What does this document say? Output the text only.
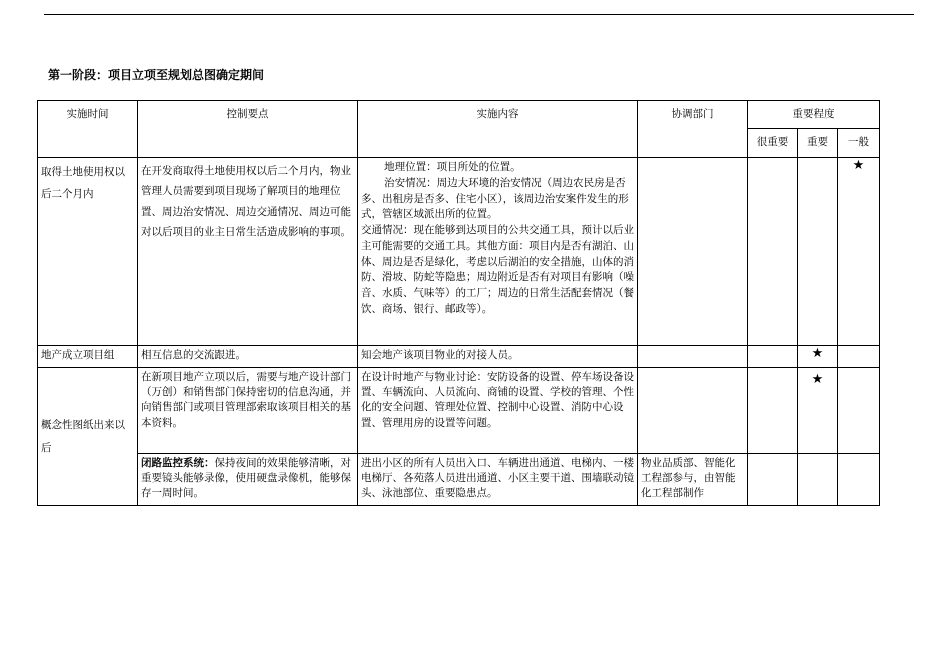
第一阶段：项目立项至规划总图确定期间
实施时间	控制要点	实施内容	协调部门	重要程度		
				很重要	重要	一般
取得土地使用权以后二个月内	在开发商取得土地使用权以后二个月内，物业管理人员需要到项目现场了解项目的地理位置、周边治安情况、周边交通情况、周边可能对以后项目的业主日常生活造成影响的事项。	地理位置：项目所处的位置。

治安情况：周边大环境的治安情况（周边农民房是否多、出租房是否多、住宅小区），该周边治安案件发生的形式，管辖区域派出所的位置。

交通情况：现在能够到达项目的公共交通工具，预计以后业主可能需要的交通工具。其他方面：项目内是否有湖泊、山体、周边是否是绿化，考虑以后湖泊的安全措施，山体的消防、滑坡、防蛇等隐患；周边附近是否有对项目有影响（噪音、水质、气味等）的工厂；周边的日常生活配套情况（餐饮、商场、银行、邮政等）。				★
地产成立项目组	相互信息的交流跟进。	知会地产该项目物业的对接人员。			★	
概念性图纸出来以后	在新项目地产立项以后，需要与地产设计部门（万创）和销售部门保持密切的信息沟通，并向销售部门或项目管理部索取该项目相关的基本资料。	在设计时地产与物业讨论：安防设备的设置、停车场设备设置、车辆流向、人员流向、商铺的设置、学校的管理、个性化的安全问题、管理处位置、控制中心设置、消防中心设置、管理用房的设置等问题。			★	
	闭路监控系统：保持夜间的效果能够清晰，对重要镜头能够录像，使用硬盘录像机，能够保存一周时间。	进出小区的所有人员出入口、车辆进出通道、电梯内、一楼电梯厅、各苑落人员进出通道、小区主要干道、围墙联动镜头、泳池部位、重要隐患点。	物业品质部、智能化工程部参与，由智能化工程部制作			
